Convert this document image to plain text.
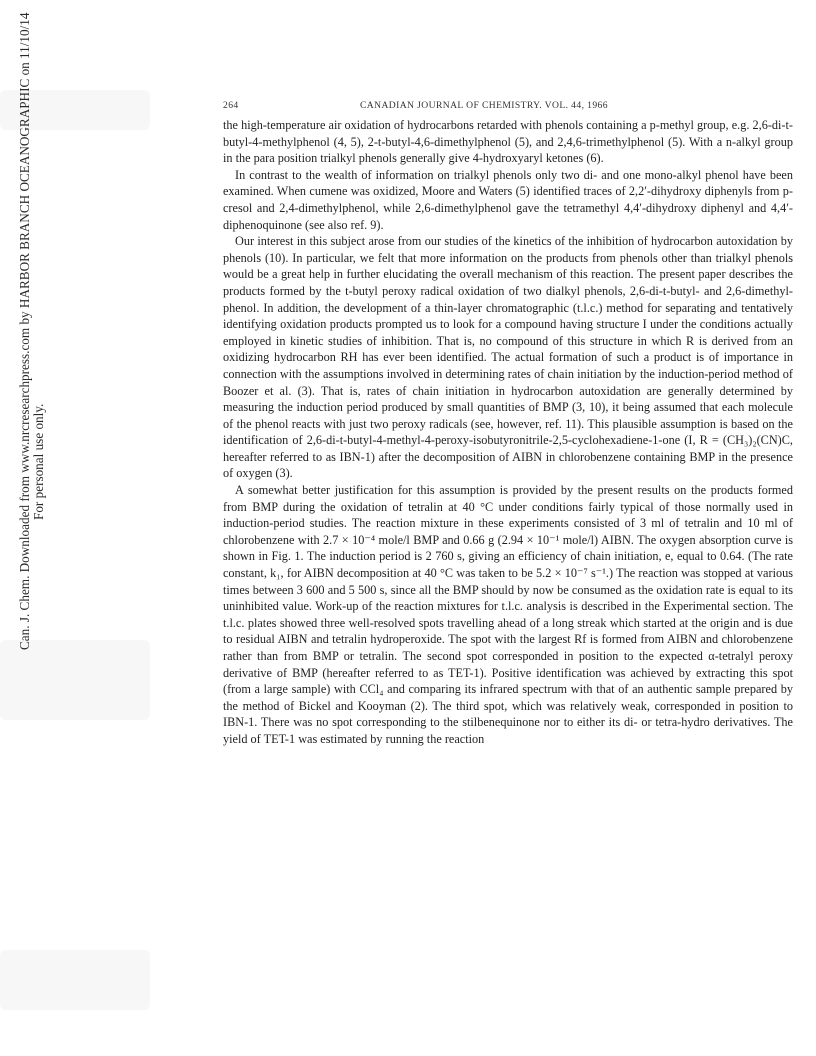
Can. J. Chem. Downloaded from www.nrcresearchpress.com by HARBOR BRANCH OCEANOGRAPHIC on 11/10/14 For personal use only.
264	CANADIAN JOURNAL OF CHEMISTRY. VOL. 44, 1966

the high-temperature air oxidation of hydrocarbons retarded with phenols containing a p-methyl group, e.g. 2,6-di-t-butyl-4-methylphenol (4, 5), 2-t-butyl-4,6-dimethylphenol (5), and 2,4,6-trimethylphenol (5). With a n-alkyl group in the para position trialkyl phenols generally give 4-hydroxyaryl ketones (6).

In contrast to the wealth of information on trialkyl phenols only two di- and one mono-alkyl phenol have been examined. When cumene was oxidized, Moore and Waters (5) identified traces of 2,2′-dihydroxy diphenyls from p-cresol and 2,4-dimethylphenol, while 2,6-dimethylphenol gave the tetramethyl 4,4′-dihydroxy diphenyl and 4,4′-diphenoquinone (see also ref. 9).

Our interest in this subject arose from our studies of the kinetics of the inhibition of hydrocarbon autoxidation by phenols (10). In particular, we felt that more information on the products from phenols other than trialkyl phenols would be a great help in further elucidating the overall mechanism of this reaction. The present paper describes the products formed by the t-butyl peroxy radical oxidation of two dialkyl phenols, 2,6-di-t-butyl- and 2,6-dimethyl-phenol. In addition, the development of a thin-layer chromatographic (t.l.c.) method for separating and tentatively identifying oxidation products prompted us to look for a compound having structure I under the conditions actually employed in kinetic studies of inhibition. That is, no compound of this structure in which R is derived from an oxidizing hydrocarbon RH has ever been identified. The actual formation of such a product is of importance in connection with the assumptions involved in determining rates of chain initiation by the induction-period method of Boozer et al. (3). That is, rates of chain initiation in hydrocarbon autoxidation are generally determined by measuring the induction period produced by small quantities of BMP (3, 10), it being assumed that each molecule of the phenol reacts with just two peroxy radicals (see, however, ref. 11). This plausible assumption is based on the identification of 2,6-di-t-butyl-4-methyl-4-peroxy-isobutyronitrile-2,5-cyclohexadiene-1-one (I, R = (CH₃)₂(CN)C, hereafter referred to as IBN-1) after the decomposition of AIBN in chlorobenzene containing BMP in the presence of oxygen (3).

A somewhat better justification for this assumption is provided by the present results on the products formed from BMP during the oxidation of tetralin at 40 °C under conditions fairly typical of those normally used in induction-period studies. The reaction mixture in these experiments consisted of 3 ml of tetralin and 10 ml of chlorobenzene with 2.7 × 10⁻⁴ mole/l BMP and 0.66 g (2.94 × 10⁻¹ mole/l) AIBN. The oxygen absorption curve is shown in Fig. 1. The induction period is 2 760 s, giving an efficiency of chain initiation, e, equal to 0.64. (The rate constant, k₁, for AIBN decomposition at 40 °C was taken to be 5.2 × 10⁻⁷ s⁻¹.) The reaction was stopped at various times between 3 600 and 5 500 s, since all the BMP should by now be consumed as the oxidation rate is equal to its uninhibited value. Work-up of the reaction mixtures for t.l.c. analysis is described in the Experimental section. The t.l.c. plates showed three well-resolved spots travelling ahead of a long streak which started at the origin and is due to residual AIBN and tetralin hydroperoxide. The spot with the largest Rf is formed from AIBN and chlorobenzene rather than from BMP or tetralin. The second spot corresponded in position to the expected α-tetralyl peroxy derivative of BMP (hereafter referred to as TET-1). Positive identification was achieved by extracting this spot (from a large sample) with CCl₄ and comparing its infrared spectrum with that of an authentic sample prepared by the method of Bickel and Kooyman (2). The third spot, which was relatively weak, corresponded in position to IBN-1. There was no spot corresponding to the stilbenequinone nor to either its di- or tetra-hydro derivatives. The yield of TET-1 was estimated by running the reaction
